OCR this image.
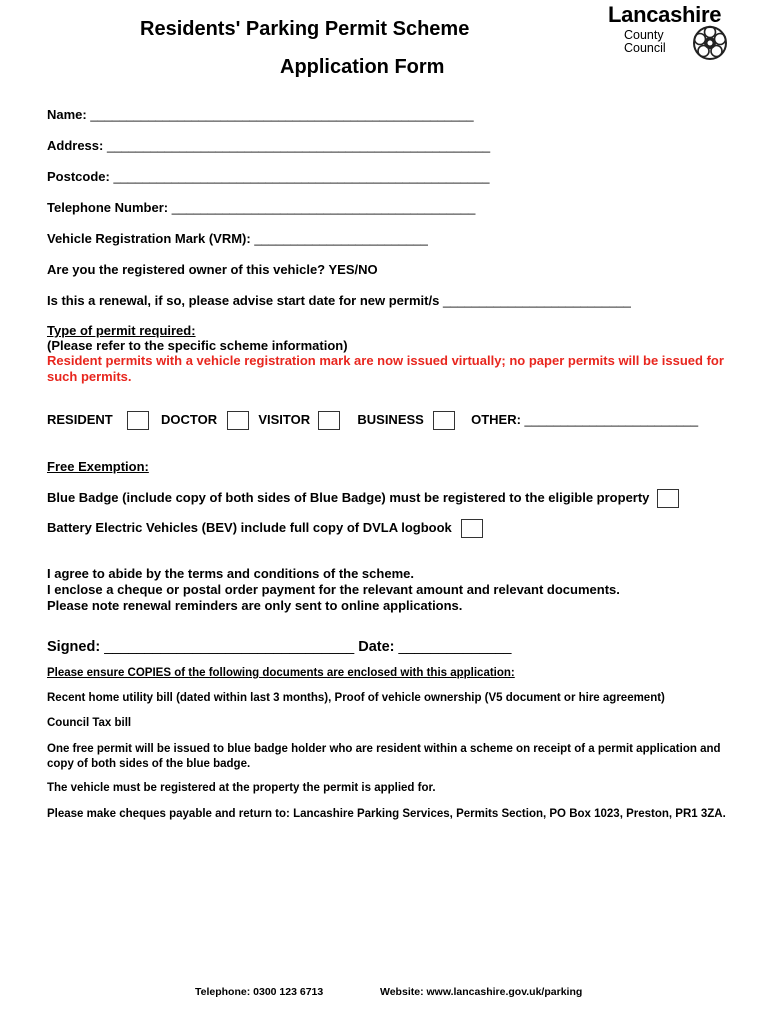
Residents' Parking Permit Scheme
Application Form
Lancashire
County
Council
Name: _____________________________________________________
Address: _____________________________________________________
Postcode: ____________________________________________________
Telephone Number: __________________________________________
Vehicle Registration Mark (VRM): ________________________
Are you the registered owner of this vehicle? YES/NO
Is this a renewal, if so, please advise start date for new permit/s __________________________
Type of permit required:
(Please refer to the specific scheme information)
Resident permits with a vehicle registration mark are now issued virtually; no paper permits will be issued for such permits.
RESIDENT	DOCTOR	VISITOR	BUSINESS	OTHER: ________________________
Free Exemption:
Blue Badge (include copy of both sides of Blue Badge) must be registered to the eligible property
Battery Electric Vehicles (BEV) include full copy of DVLA logbook
I agree to abide by the terms and conditions of the scheme.
I enclose a cheque or postal order payment for the relevant amount and relevant documents.
Please note renewal reminders are only sent to online applications.
Signed: _______________________________ Date: ______________
Please ensure COPIES of the following documents are enclosed with this application:
Recent home utility bill (dated within last 3 months), Proof of vehicle ownership (V5 document or hire agreement)
Council Tax bill
One free permit will be issued to blue badge holder who are resident within a scheme on receipt of a permit application and copy of both sides of the blue badge.
The vehicle must be registered at the property the permit is applied for.
Please make cheques payable and return to: Lancashire Parking Services, Permits Section, PO Box 1023, Preston, PR1 3ZA.
Telephone: 0300 123 6713	Website: www.lancashire.gov.uk/parking
